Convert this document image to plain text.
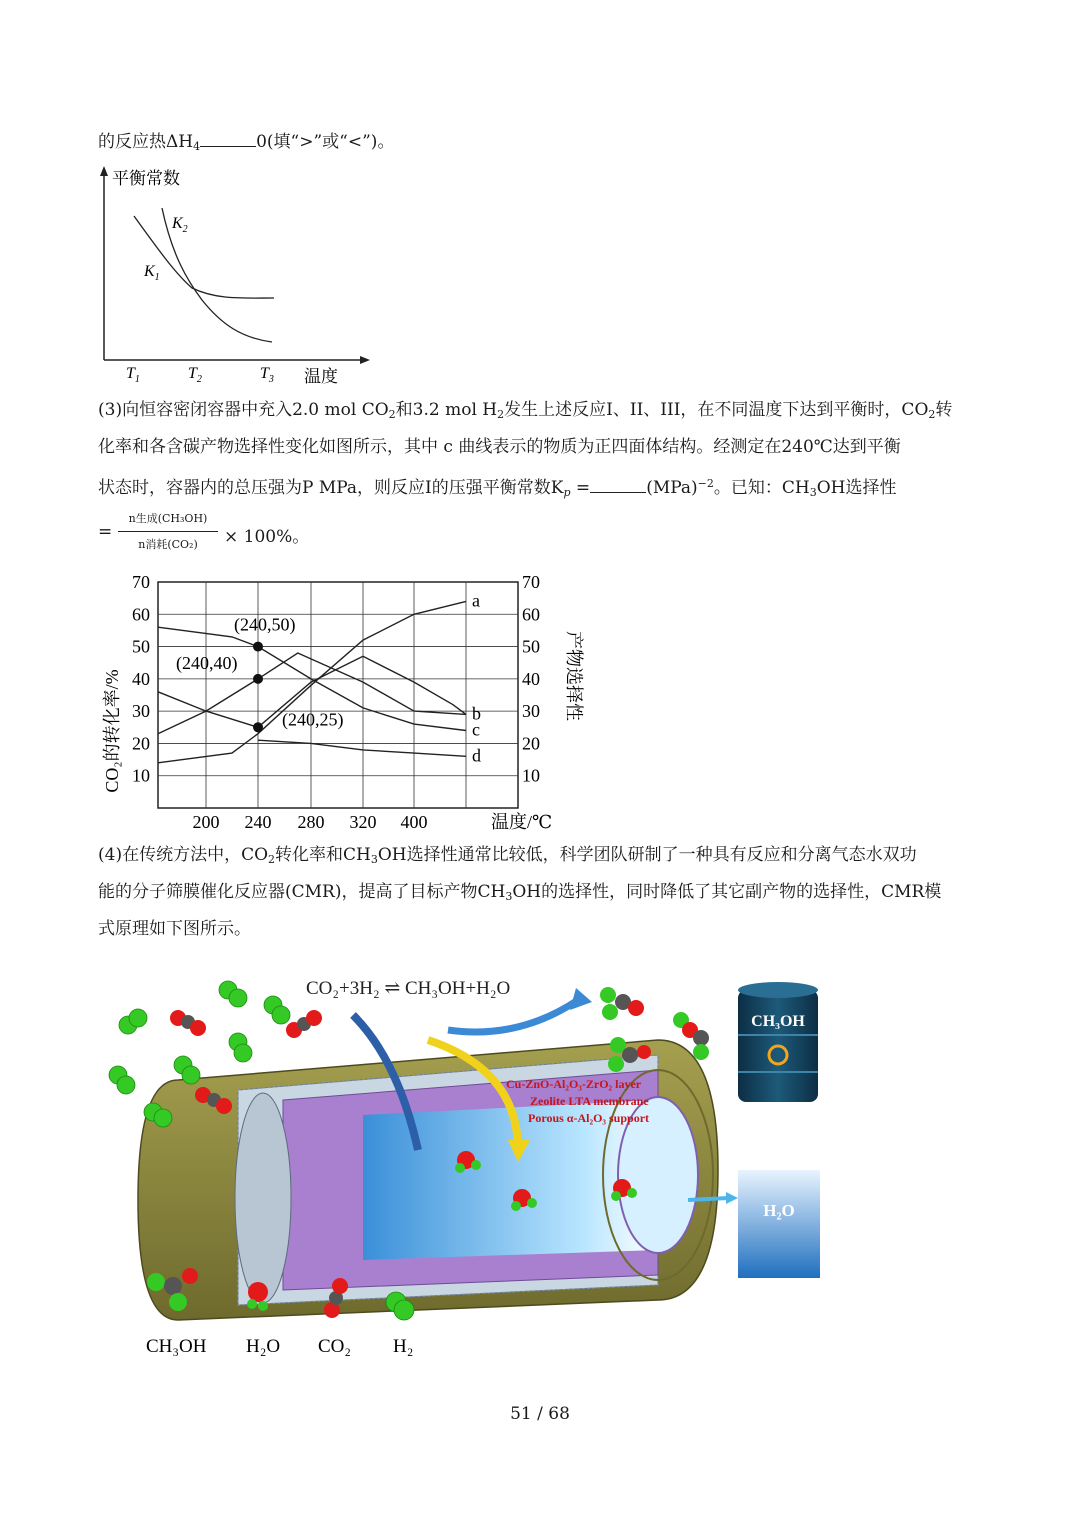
的反应热$\Delta H_4$	0(填“>”或“<”)。
平衡常数
温度
$K_2$
$K_1$
$T_1$	$T_2$	$T_3$
(3)向恒容密闭容器中充入2.0 mol $CO_2$和3.2 mol $H_2$发生上述反应I、II、III，在不同温度下达到平衡时，$CO_2$转
化率和各含碳产物选择性变化如图所示，其中 c 曲线表示的物质为正四面体结构。经测定在240℃达到平衡
状态时，容器内的总压强为P MPa，则反应I的压强平衡常数$K_p$ =	(MPa)$^{-2}$。已知：$CH_3OH$选择性
=
n生成(CH₃OH)
n消耗(CO₂)	× 100%。
10
20
30
40
50
60
70
10
20
30
40
50
60
70
200 240 280 320 400
a
b
c
d
(240,50)
(240,40)
(240,25)
温度/℃
CO₂的转化率/%	产物选择性
(4)在传统方法中，$CO_2$转化率和$CH_3OH$选择性通常比较低，科学团队研制了一种具有反应和分离气态水双功
能的分子筛膜催化反应器(CMR)，提高了目标产物$CH_3OH$的选择性，同时降低了其它副产物的选择性，CMR模
式原理如下图所示。
Cu-ZnO-Al₂O₃-ZrO₂ layer
Zeolite LTA membrane
Porous α-Al₂O₃ support
CO₂+3H₂ ⇌ CH₃OH+H₂O
CH₃OH
H₂O
CH₃OH H₂O CO₂ H₂
51 / 68
